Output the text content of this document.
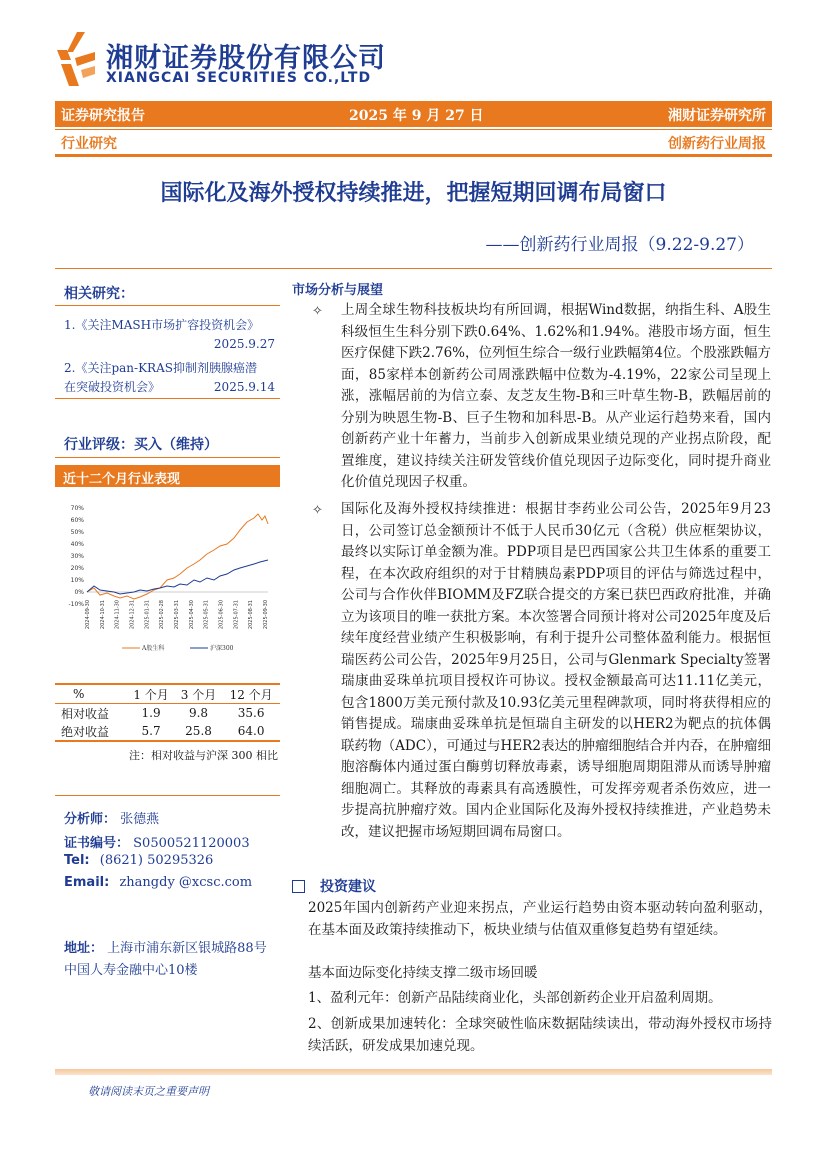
湘财证券股份有限公司
XIANGCAI SECURITIES CO.,LTD
证券研究报告	2025 年 9 月 27 日	湘财证券研究所
行业研究	创新药行业周报
国际化及海外授权持续推进，把握短期回调布局窗口
——创新药行业周报（9.22-9.27）
相关研究：
1.《关注MASH市场扩容投资机会》
2025.9.27
2.《关注pan-KRAS抑制剂胰腺癌潜
在突破投资机会》	2025.9.14
行业评级：买入（维持）
近十二个月行业表现
70%
60%
50%
40%
30%
20%
10%
0%
-10% 2024-09-30 2024-10-31 2024-11-30 2024-12-31 2025-01-31 2025-02-28 2025-03-31 2025-04-30 2025-05-31 2025-06-30 2025-07-31 2025-08-31 2025-09-30
A股生科	沪深300
%	1 个月	3 个月	12 个月
相对收益	1.9	9.8	35.6
绝对收益	5.7	25.8	64.0
注：相对收益与沪深 300 相比
分析师： 张德燕
证书编号： S0500521120003
Tel: (8621) 50295326
Email: zhangdy @xcsc.com
地址： 上海市浦东新区银城路88号
中国人寿金融中心10楼
市场分析与展望
✧ 上周全球生物科技板块均有所回调，根据Wind数据，纳指生科、A股生科级恒生生科分别下跌0.64%、1.62%和1.94%。港股市场方面，恒生医疗保健下跌2.76%，位列恒生综合一级行业跌幅第4位。个股涨跌幅方面，85家样本创新药公司周涨跌幅中位数为-4.19%，22家公司呈现上涨，涨幅居前的为信立泰、友芝友生物-B和三叶草生物-B，跌幅居前的分别为映恩生物-B、巨子生物和加科思-B。从产业运行趋势来看，国内创新药产业十年蓄力，当前步入创新成果业绩兑现的产业拐点阶段，配置维度，建议持续关注研发管线价值兑现因子边际变化，同时提升商业化价值兑现因子权重。
✧ 国际化及海外授权持续推进：根据甘李药业公司公告，2025年9月23日，公司签订总金额预计不低于人民币30亿元（含税）供应框架协议，最终以实际订单金额为准。PDP项目是巴西国家公共卫生体系的重要工程，在本次政府组织的对于甘精胰岛素PDP项目的评估与筛选过程中，公司与合作伙伴BIOMM及FZ联合提交的方案已获巴西政府批准，并确立为该项目的唯一获批方案。本次签署合同预计将对公司2025年度及后续年度经营业绩产生积极影响，有利于提升公司整体盈利能力。根据恒瑞医药公司公告，2025年9月25日，公司与Glenmark Specialty签署瑞康曲妥珠单抗项目授权许可协议。授权金额最高可达11.11亿美元，包含1800万美元预付款及10.93亿美元里程碑款项，同时将获得相应的销售提成。瑞康曲妥珠单抗是恒瑞自主研发的以HER2为靶点的抗体偶联药物（ADC），可通过与HER2表达的肿瘤细胞结合并内吞，在肿瘤细胞溶酶体内通过蛋白酶剪切释放毒素，诱导细胞周期阻滞从而诱导肿瘤细胞凋亡。其释放的毒素具有高透膜性，可发挥旁观者杀伤效应，进一步提高抗肿瘤疗效。国内企业国际化及海外授权持续推进，产业趋势未改，建议把握市场短期回调布局窗口。
投资建议
2025年国内创新药产业迎来拐点，产业运行趋势由资本驱动转向盈利驱动，在基本面及政策持续推动下，板块业绩与估值双重修复趋势有望延续。
基本面边际变化持续支撑二级市场回暖
1、盈利元年：创新产品陆续商业化，头部创新药企业开启盈利周期。
2、创新成果加速转化：全球突破性临床数据陆续读出，带动海外授权市场持续活跃，研发成果加速兑现。
敬请阅读末页之重要声明
